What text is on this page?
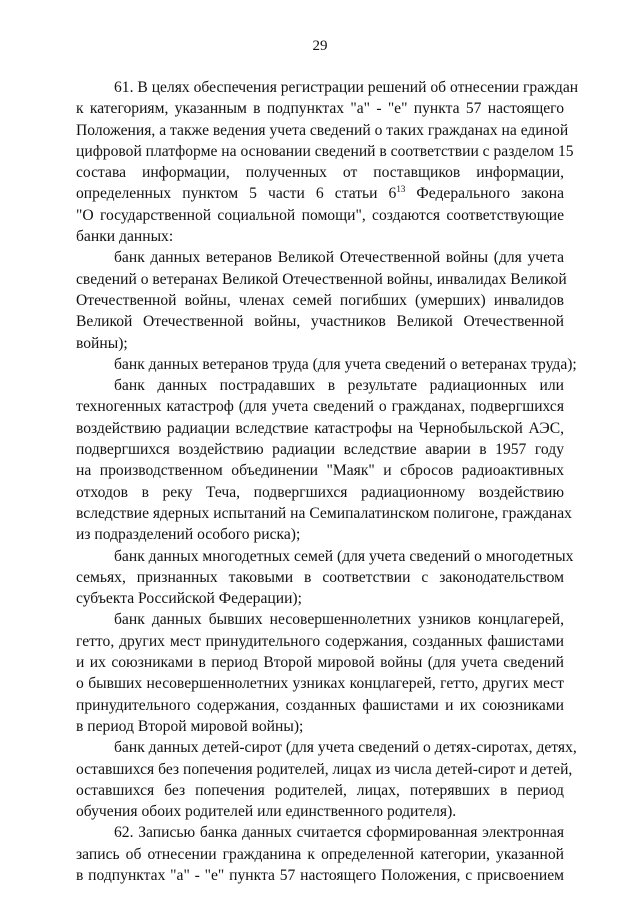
29
61. В целях обеспечения регистрации решений об отнесении граждан
к категориям, указанным в подпунктах "а" - "е" пункта 57 настоящего
Положения, а также ведения учета сведений о таких гражданах на единой
цифровой платформе на основании сведений в соответствии с разделом 15
состава информации, полученных от поставщиков информации,
определенных пунктом 5 части 6 статьи $6^{13}$ Федерального закона
"О государственной социальной помощи", создаются соответствующие
банки данных:
банк данных ветеранов Великой Отечественной войны (для учета
сведений о ветеранах Великой Отечественной войны, инвалидах Великой
Отечественной войны, членах семей погибших (умерших) инвалидов
Великой Отечественной войны, участников Великой Отечественной
войны);
банк данных ветеранов труда (для учета сведений о ветеранах труда);
банк данных пострадавших в результате радиационных или
техногенных катастроф (для учета сведений о гражданах, подвергшихся
воздействию радиации вследствие катастрофы на Чернобыльской АЭС,
подвергшихся воздействию радиации вследствие аварии в 1957 году
на производственном объединении "Маяк" и сбросов радиоактивных
отходов в реку Теча, подвергшихся радиационному воздействию
вследствие ядерных испытаний на Семипалатинском полигоне, гражданах
из подразделений особого риска);
банк данных многодетных семей (для учета сведений о многодетных
семьях, признанных таковыми в соответствии с законодательством
субъекта Российской Федерации);
банк данных бывших несовершеннолетних узников концлагерей,
гетто, других мест принудительного содержания, созданных фашистами
и их союзниками в период Второй мировой войны (для учета сведений
о бывших несовершеннолетних узниках концлагерей, гетто, других мест
принудительного содержания, созданных фашистами и их союзниками
в период Второй мировой войны);
банк данных детей-сирот (для учета сведений о детях-сиротах, детях,
оставшихся без попечения родителей, лицах из числа детей-сирот и детей,
оставшихся без попечения родителей, лицах, потерявших в период
обучения обоих родителей или единственного родителя).
62. Записью банка данных считается сформированная электронная
запись об отнесении гражданина к определенной категории, указанной
в подпунктах "а" - "е" пункта 57 настоящего Положения, с присвоением
